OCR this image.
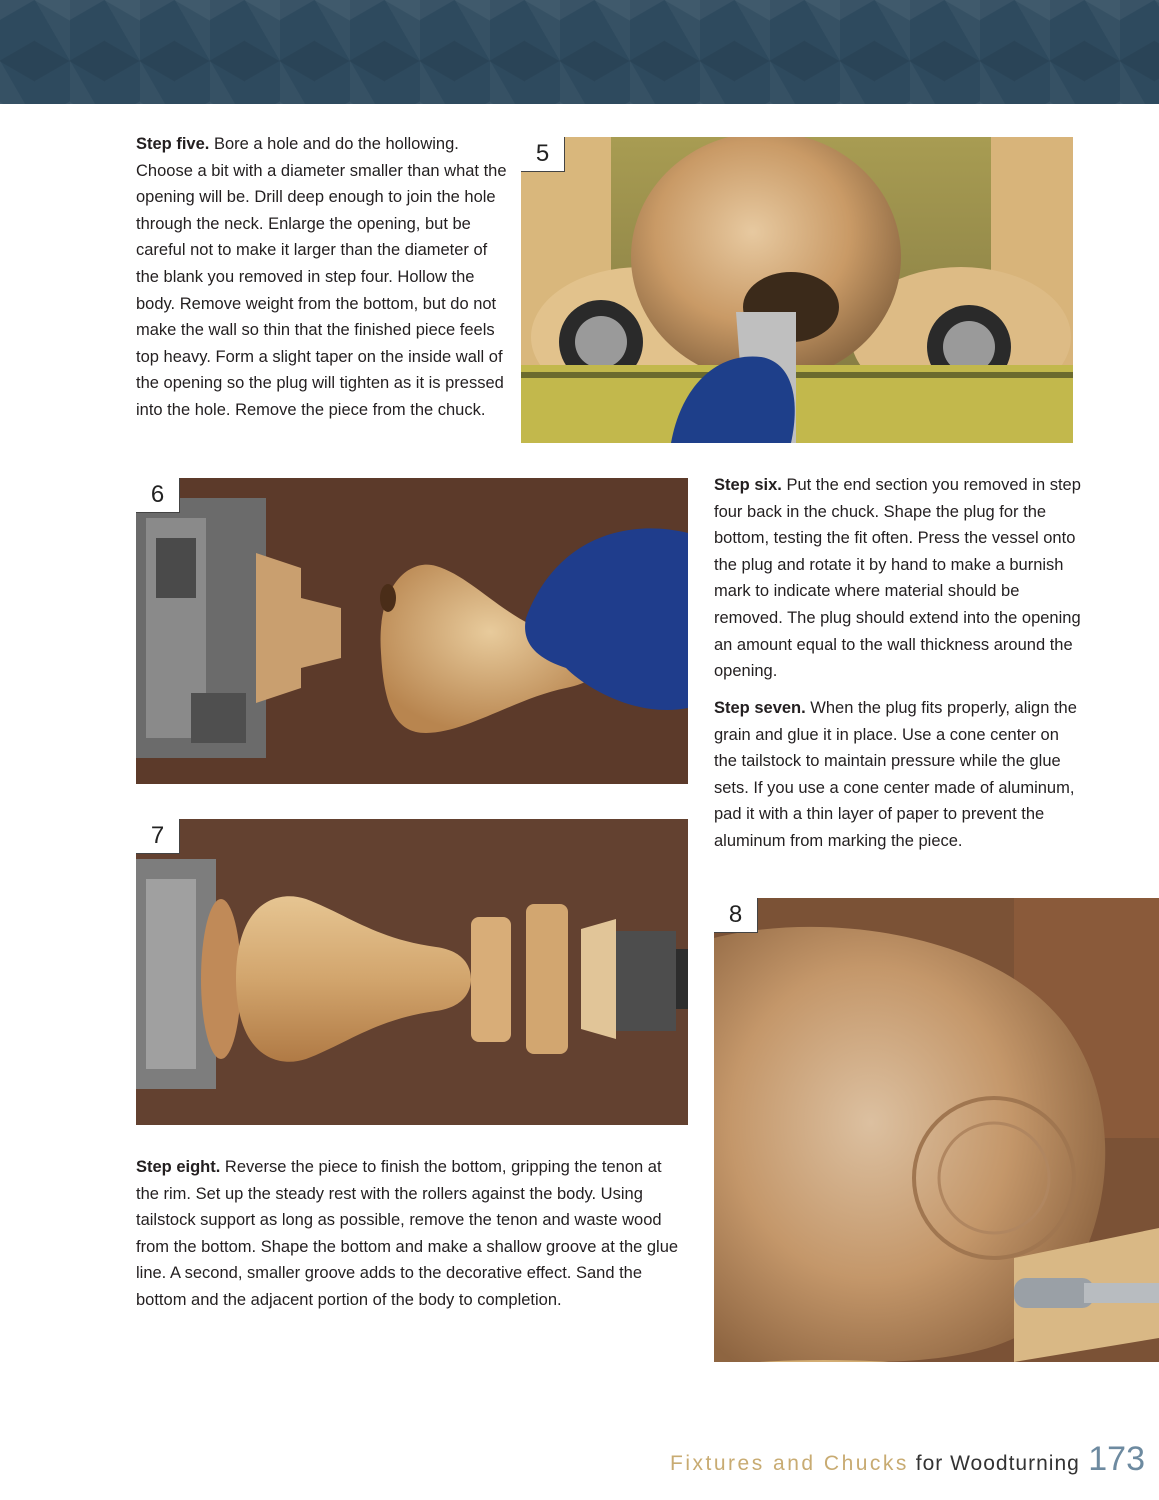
Step five. Bore a hole and do the hollowing. Choose a bit with a diameter smaller than what the opening will be. Drill deep enough to join the hole through the neck. Enlarge the opening, but be careful not to make it larger than the diameter of the blank you removed in step four. Hollow the body. Remove weight from the bottom, but do not make the wall so thin that the finished piece feels top heavy. Form a slight taper on the inside wall of the opening so the plug will tighten as it is pressed into the hole. Remove the piece from the chuck.
5
6	Step six. Put the end section you removed in step four back in the chuck. Shape the plug for the bottom, testing the fit often. Press the vessel onto the plug and rotate it by hand to make a burnish mark to indicate where material should be removed. The plug should extend into the opening an amount equal to the wall thickness around the opening.
Step seven. When the plug fits properly, align the grain and glue it in place. Use a cone center on the tailstock to maintain pressure while the glue sets. If you use a cone center made of aluminum, pad it with a thin layer of paper to prevent the aluminum from marking the piece.
7
8
Step eight. Reverse the piece to finish the bottom, gripping the tenon at the rim. Set up the steady rest with the rollers against the body. Using tailstock support as long as possible, remove the tenon and waste wood from the bottom. Shape the bottom and make a shallow groove at the glue line. A second, smaller groove adds to the decorative effect. Sand the bottom and the adjacent portion of the body to completion.
Fixtures and Chucks for Woodturning 173
